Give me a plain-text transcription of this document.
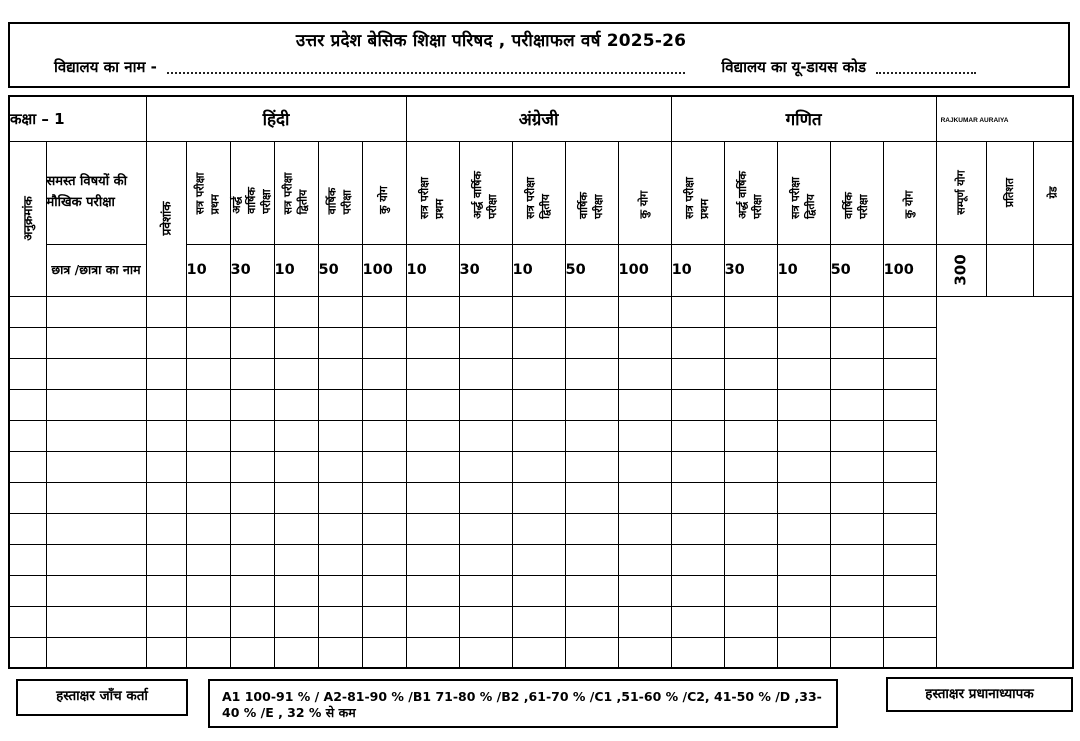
उत्तर प्रदेश बेसिक शिक्षा परिषद , परीक्षाफल वर्ष 2025-26
विद्यालय का नाम -	विद्यालय का यू-डायस कोड
कक्षा – 1		हिंदी						अंग्रेजी					गणित					RAJKUMAR AURAIYA		

अनुक्रमांक	समस्त विषयों की मौखिक परीक्षा	प्रवेशांक	सत्र परीक्षा प्रथम	अर्द्ध वार्षिक परीक्षा	सत्र परीक्षा द्वितीय	वार्षिक परीक्षा	कु योग	सत्र परीक्षा प्रथम	अर्द्ध वार्षिक परीक्षा	सत्र परीक्षा द्वितीय	वार्षिक परीक्षा	कु योग	सत्र परीक्षा प्रथम	अर्द्ध वार्षिक परीक्षा	सत्र परीक्षा द्वितीय	वार्षिक परीक्षा	कु योग	सम्पूर्ण योग	प्रतिशत	ग्रेड

	छात्र /छात्रा का नाम		10	30	10	50	100	10	30	10	50	100	10	30	10	50	100	300		

हस्ताक्षर जाँच कर्ता	A1 100-91 % / A2-81-90 % /B1 71-80 % /B2 ,61-70 % /C1 ,51-60 % /C2, 41-50 % /D ,33-40 % /E , 32 % से कम
हस्ताक्षर प्रधानाध्यापक
